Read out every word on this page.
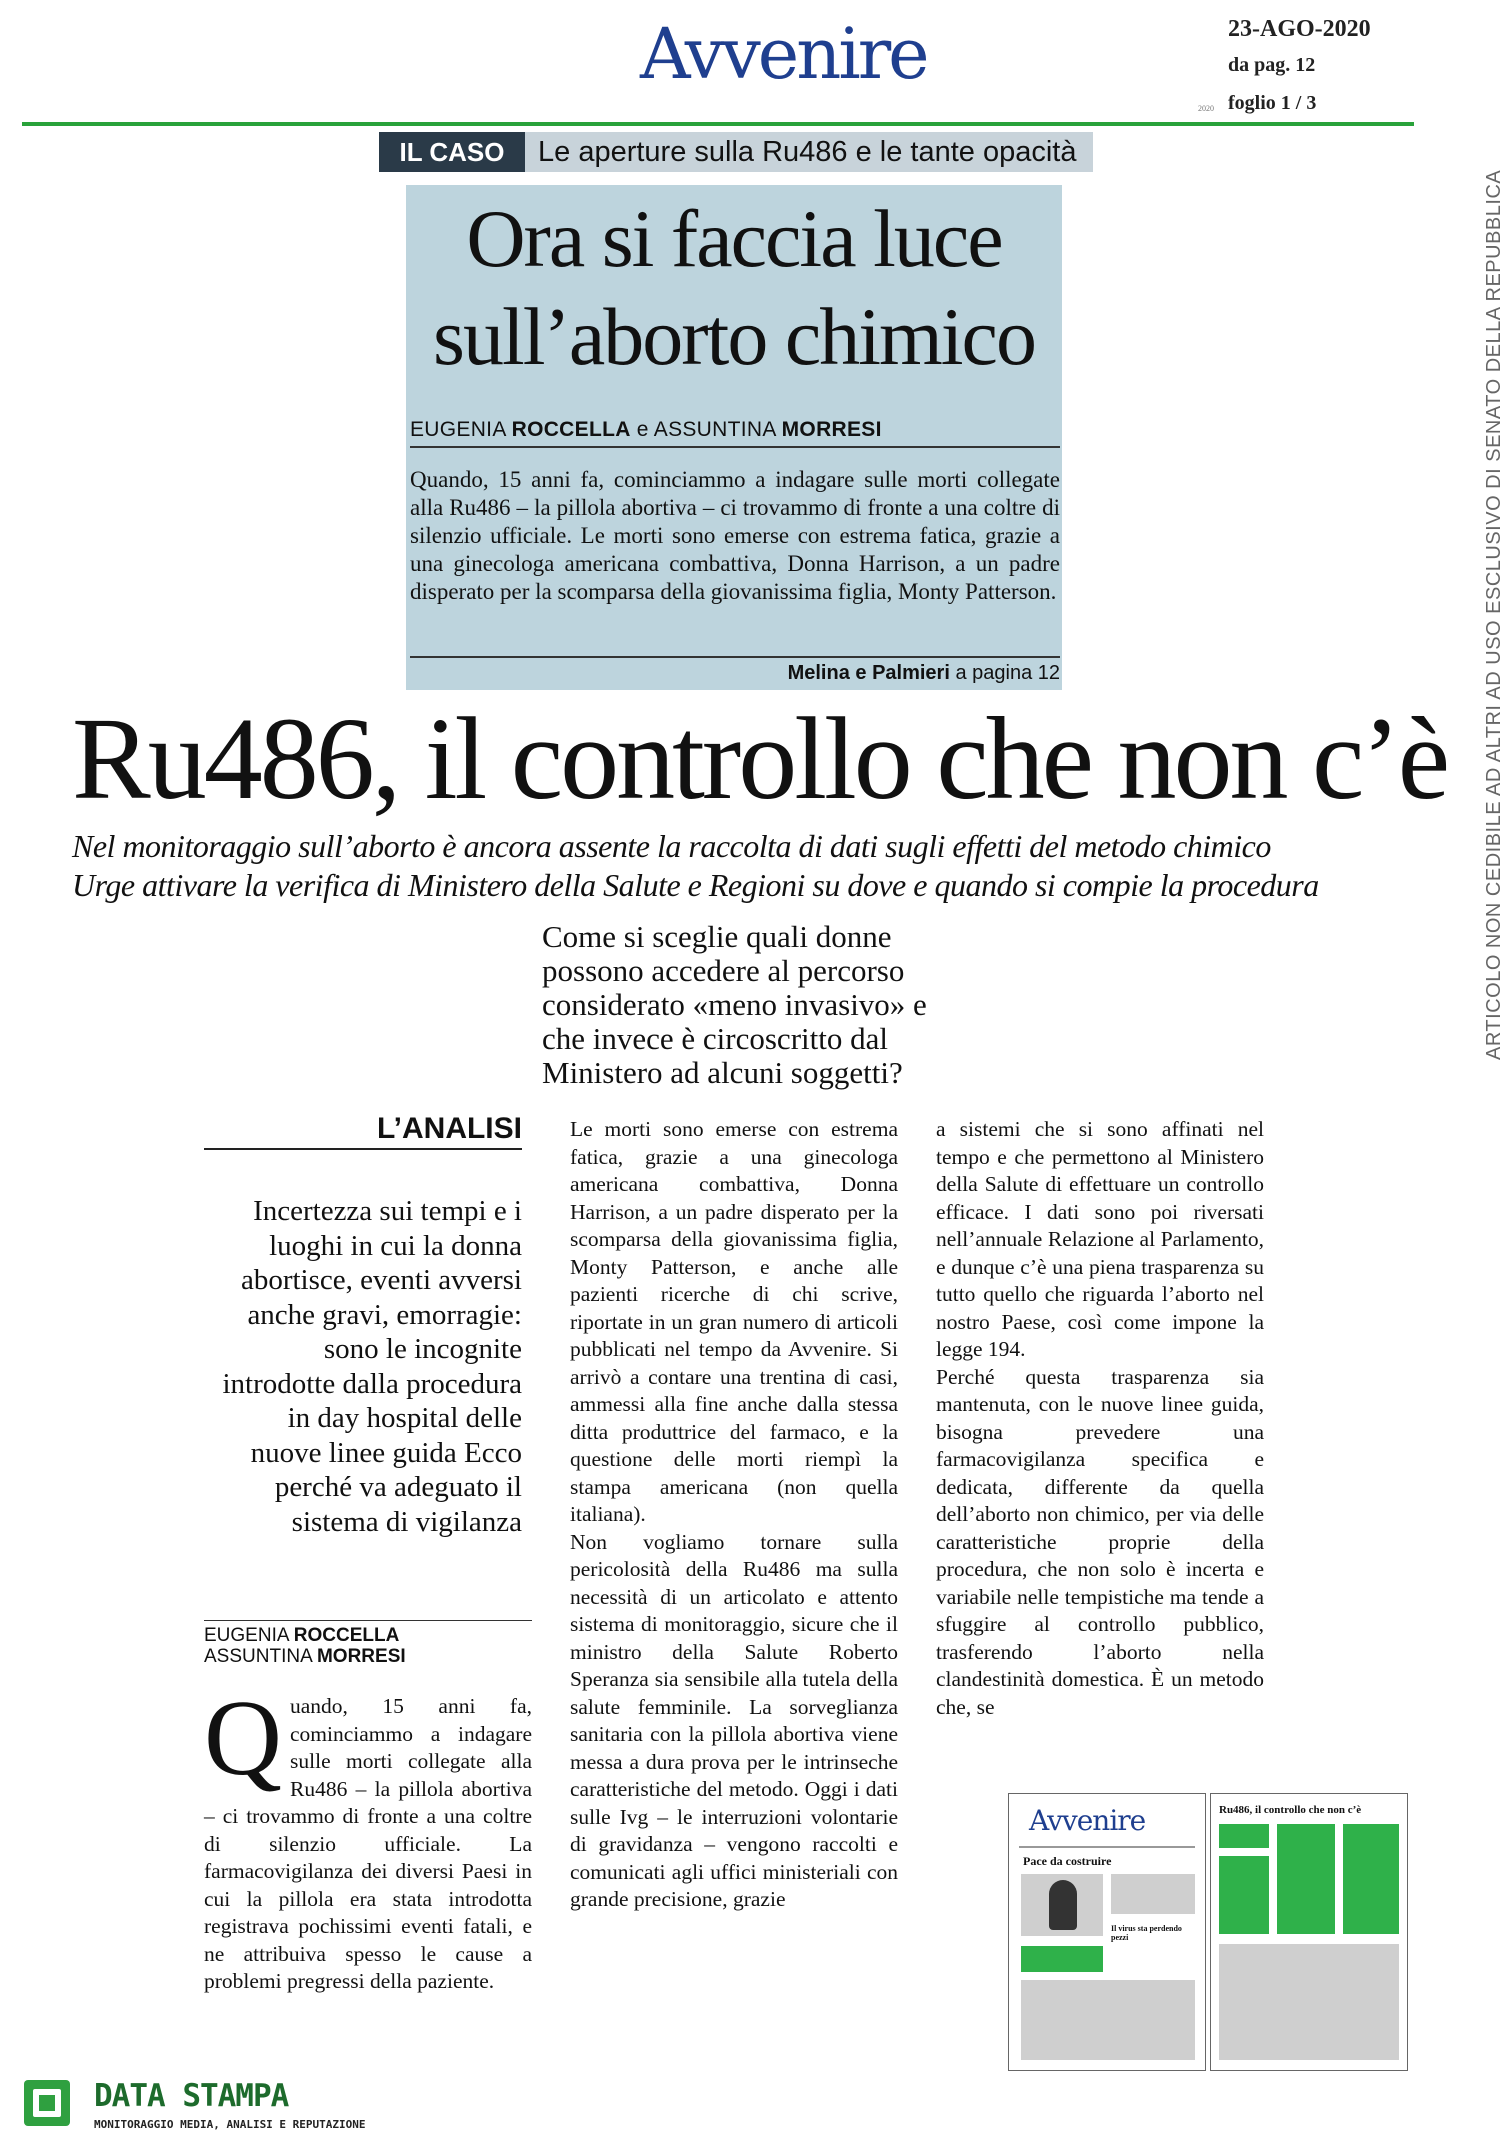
Avvenire	23-AGO-2020
da pag. 12
foglio 1 / 3
2020
IL CASO	Le aperture sulla Ru486 e le tante opacità
Ora si faccia luce
sull’aborto chimico
EUGENIA ROCCELLA e ASSUNTINA MORRESI
Quando, 15 anni fa, cominciammo a indagare sulle morti collegate alla Ru486 – la pillola abortiva – ci trovammo di fronte a una coltre di silenzio ufficiale. Le morti sono emerse con estrema fatica, grazie a una ginecologa americana combattiva, Donna Harrison, a un padre disperato per la scomparsa della giovanissima figlia, Monty Patterson.
Melina e Palmieri a pagina 12
Ru486, il controllo che non c’è
Nel monitoraggio sull’aborto è ancora assente la raccolta di dati sugli effetti del metodo chimico
Urge attivare la verifica di Ministero della Salute e Regioni su dove e quando si compie la procedura
Come si sceglie quali donne possono accedere al percorso considerato «meno invasivo» e che invece è circoscritto dal Ministero ad alcuni soggetti?
L’ANALISI
Incertezza sui tempi e i luoghi in cui la donna abortisce, eventi avversi anche gravi, emorragie: sono le incognite introdotte dalla procedura in day hospital delle nuove linee guida Ecco perché va adeguato il sistema di vigilanza
EUGENIA ROCCELLA
ASSUNTINA MORRESI
Quando, 15 anni fa, cominciammo a indagare sulle morti collegate alla Ru486 – la pillola abortiva – ci trovammo di fronte a una coltre di silenzio ufficiale. La farmacovigilanza dei diversi Paesi in cui la pillola era stata introdotta registrava pochissimi eventi fatali, e ne attribuiva spesso le cause a problemi pregressi della paziente.

Le morti sono emerse con estrema fatica, grazie a una ginecologa americana combattiva, Donna Harrison, a un padre disperato per la scomparsa della giovanissima figlia, Monty Patterson, e anche alle pazienti ricerche di chi scrive, riportate in un gran numero di articoli pubblicati nel tempo da Avvenire. Si arrivò a contare una trentina di casi, ammessi alla fine anche dalla stessa ditta produttrice del farmaco, e la questione delle morti riempì la stampa americana (non quella italiana).

Non vogliamo tornare sulla pericolosità della Ru486 ma sulla necessità di un articolato e attento sistema di monitoraggio, sicure che il ministro della Salute Roberto Speranza sia sensibile alla tutela della salute femminile. La sorveglianza sanitaria con la pillola abortiva viene messa a dura prova per le intrinseche caratteristiche del metodo. Oggi i dati sulle Ivg – le interruzioni volontarie di gravidanza – vengono raccolti e comunicati agli uffici ministeriali con grande precisione, grazie

a sistemi che si sono affinati nel tempo e che permettono al Ministero della Salute di effettuare un controllo efficace. I dati sono poi riversati nell’annuale Relazione al Parlamento, e dunque c’è una piena trasparenza su tutto quello che riguarda l’aborto nel nostro Paese, così come impone la legge 194.

Perché questa trasparenza sia mantenuta, con le nuove linee guida, bisogna prevedere una farmacovigilanza specifica e dedicata, differente da quella dell’aborto non chimico, per via delle caratteristiche proprie della procedura, che non solo è incerta e variabile nelle tempistiche ma tende a sfuggire al controllo pubblico, trasferendo l’aborto nella clandestinità domestica. È un metodo che, se

ARTICOLO NON CEDIBILE AD ALTRI AD USO ESCLUSIVO DI SENATO DELLA REPUBBLICA
Avvenire
Pace da costruire
Il virus sta perdendo pezzi
Ru486, il controllo che non c’è
DATA STAMPA
MONITORAGGIO MEDIA, ANALISI E REPUTAZIONE
